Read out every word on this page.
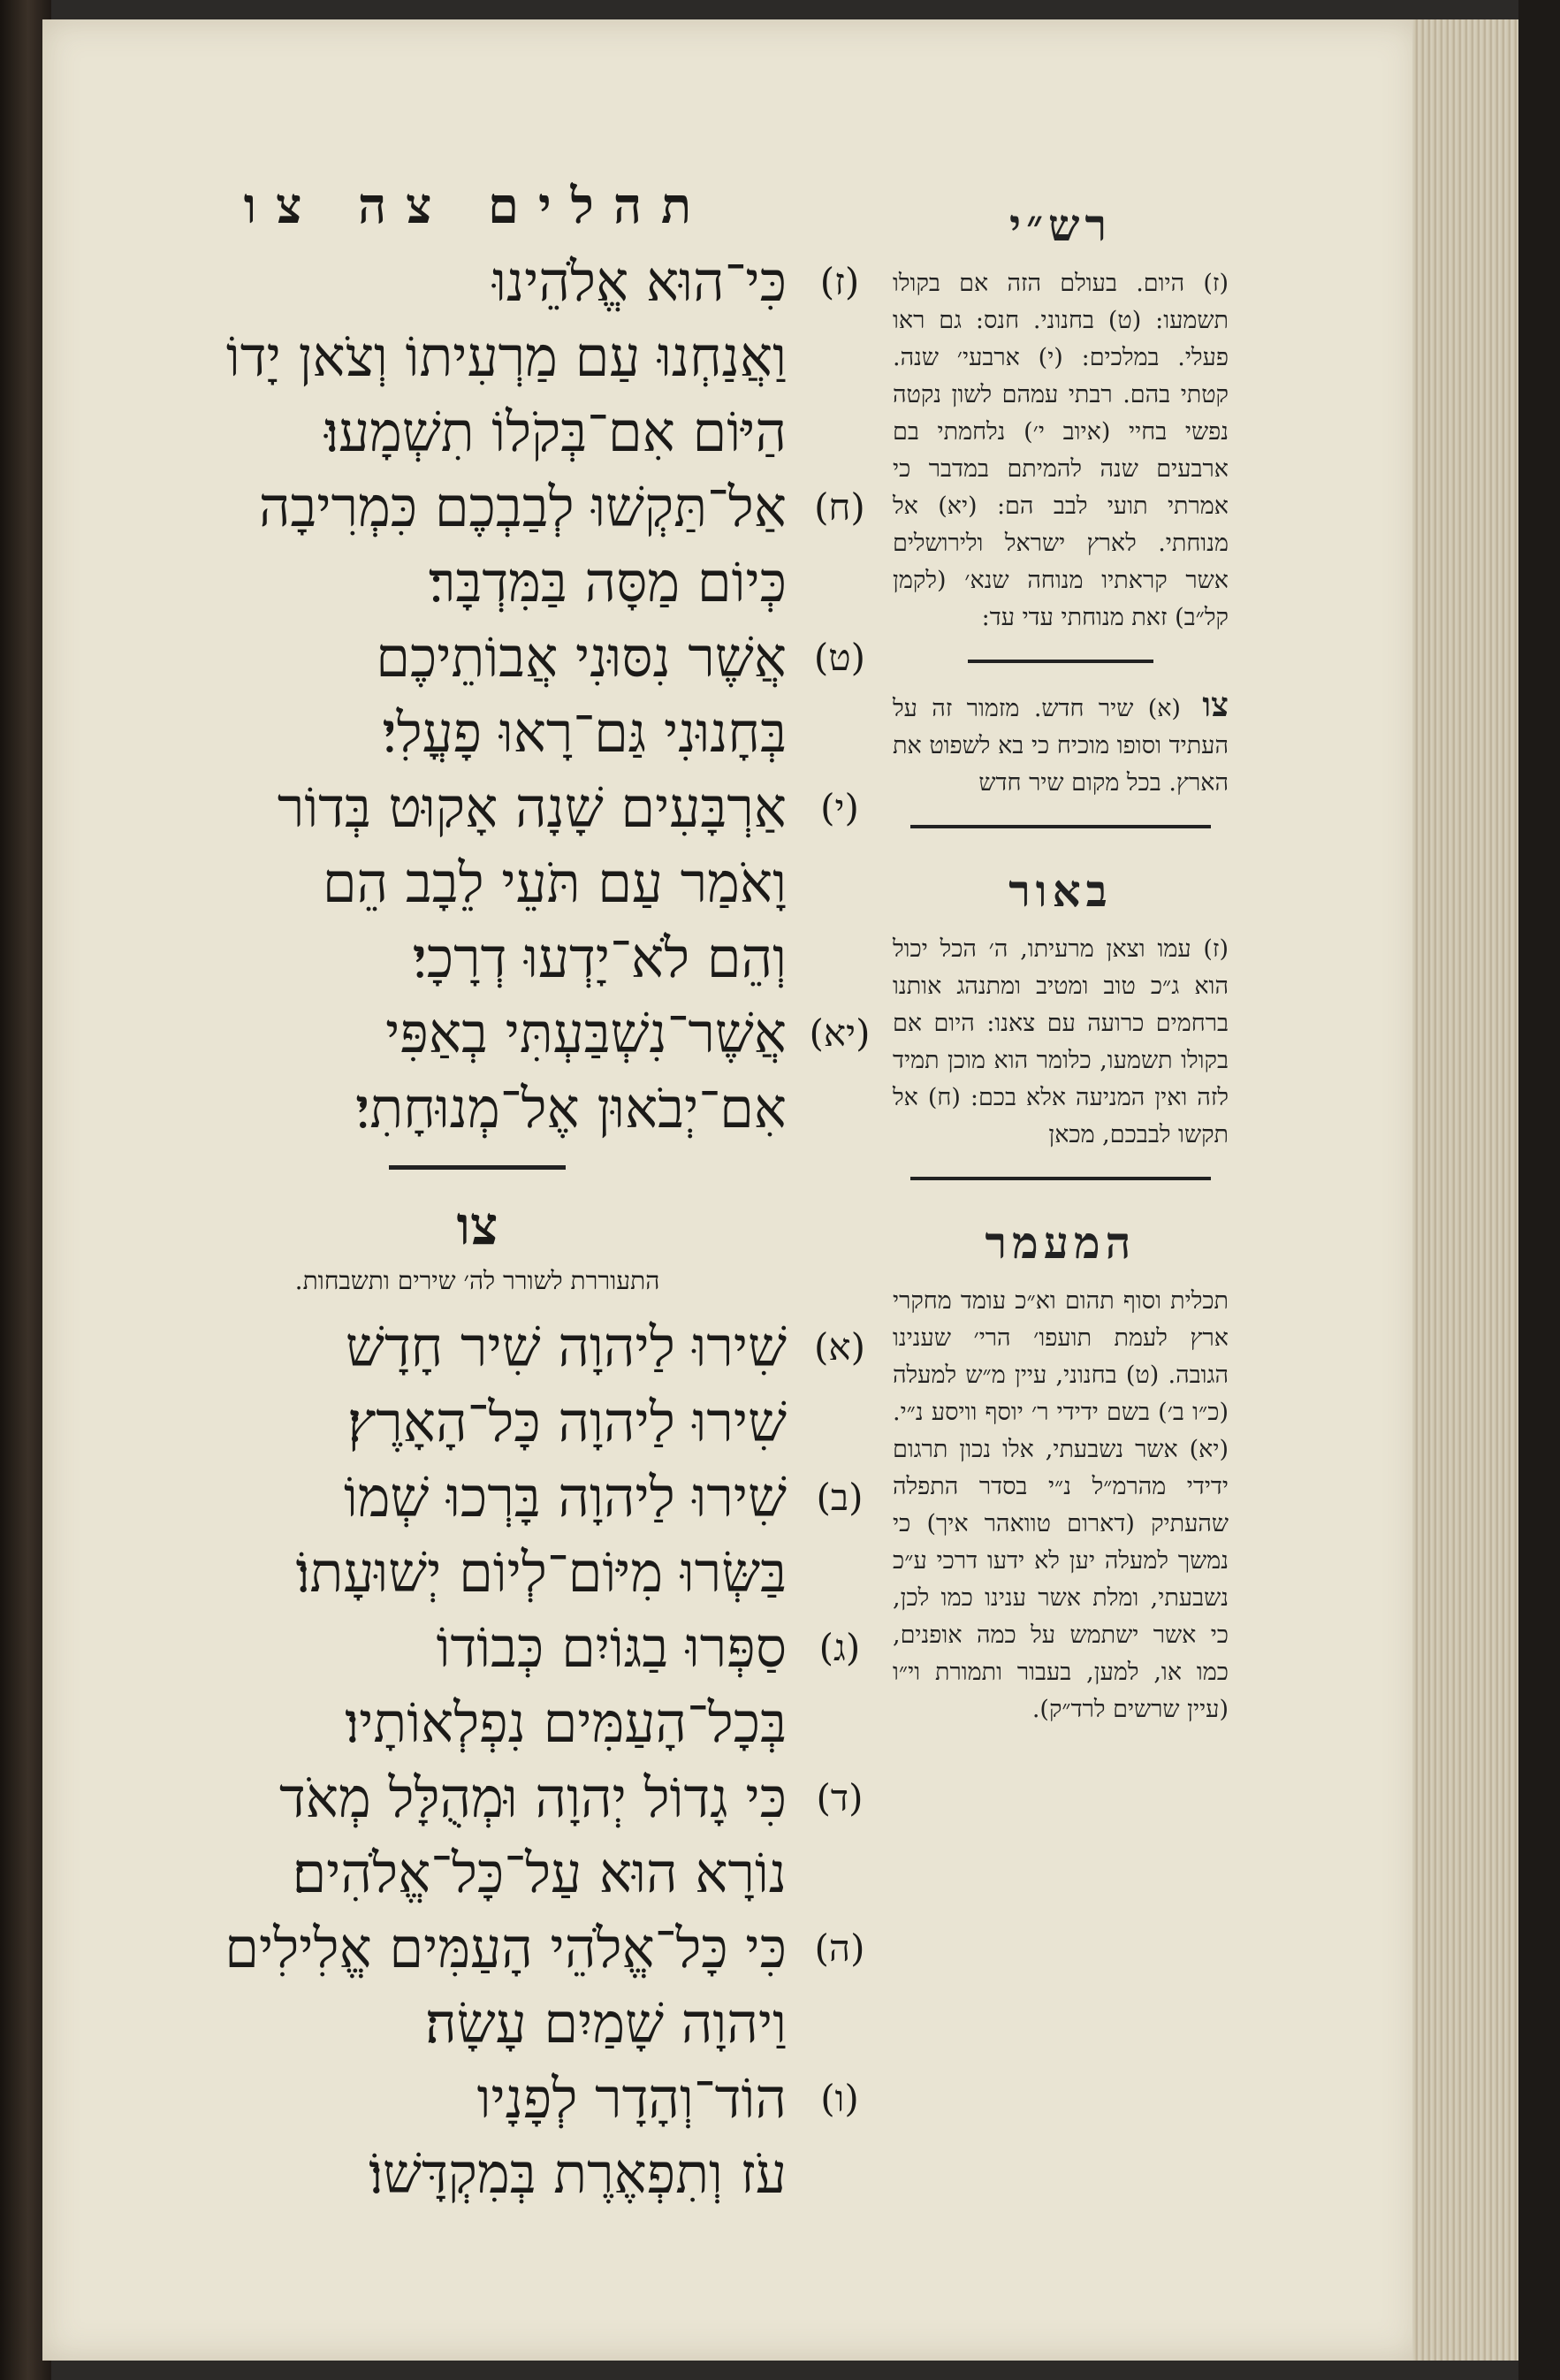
תהלים צה צו
(ז)
כִּי־הוּא אֱלֹהֵינוּ
וַאֲנַחְנוּ עַם מַרְעִיתוֹ וְצֹאן יָדוֹ
הַיּוֹם אִם־בְּקֹלוֹ תִשְׁמָעוּ׃
(ח)
אַל־תַּקְשׁוּ לְבַבְכֶם כִּמְרִיבָה
כְּיוֹם מַסָּה בַּמִּדְבָּר׃
(ט)
אֲשֶׁר נִסּוּנִי אֲבוֹתֵיכֶם
בְּחָנוּנִי גַּם־רָאוּ פָעֳלִי׃
(י)
אַרְבָּעִים שָׁנָה אָקוּט בְּדוֹר
וָאֹמַר עַם תֹּעֵי לֵבָב הֵם
וְהֵם לֹא־יָדְעוּ דְרָכָי׃
(יא)
אֲשֶׁר־נִשְׁבַּעְתִּי בְאַפִּי
אִם־יְבֹאוּן אֶל־מְנוּחָתִי׃
צו
התעוררת לשורר לה׳ שירים ותשבחות.
(א)
שִׁירוּ לַיהוָה שִׁיר חָדָשׁ
שִׁירוּ לַיהוָה כָּל־הָאָרֶץ׃
(ב)
שִׁירוּ לַיהוָה בָּרְכוּ שְׁמוֹ
בַּשְּׂרוּ מִיּוֹם־לְיוֹם יְשׁוּעָתוֹ׃
(ג)
סַפְּרוּ בַגּוֹיִם כְּבוֹדוֹ
בְּכָל־הָעַמִּים נִפְלְאוֹתָיו׃
(ד)
כִּי גָדוֹל יְהוָה וּמְהֻלָּל מְאֹד
נוֹרָא הוּא עַל־כָּל־אֱלֹהִים׃
(ה)
כִּי כָּל־אֱלֹהֵי הָעַמִּים אֱלִילִים
וַיהוָה שָׁמַיִם עָשָׂה׃
(ו)
הוֹד־וְהָדָר לְפָנָיו
עֹז וְתִפְאֶרֶת בְּמִקְדָּשׁוֹ׃
רש״י
(ז) היום. בעולם הזה אם בקולו תשמעו: (ט) בחנוני. חנס: גם ראו פעלי. במלכים: (י) ארבעי׳ שנה. קטתי בהם. רבתי עמהם לשון נקטה נפשי בחיי (איוב י׳) נלחמתי בם ארבעים שנה להמיתם במדבר כי אמרתי תועי לבב הם: (יא) אל מנוחתי. לארץ ישראל ולירושלים אשר קראתיו מנוחה שנא׳ (לקמן קל״ב) זאת מנוחתי עדי עד:
צו (א) שיר חדש. מזמור זה על העתיד וסופו מוכיח כי בא לשפוט את הארץ. בכל מקום שיר חדש
באור
(ז) עמו וצאן מרעיתו, ה׳ הכל יכול הוא ג״כ טוב ומטיב ומתנהג אותנו ברחמים כרועה עם צאנו: היום אם בקולו תשמעו, כלומר הוא מוכן תמיד לזה ואין המניעה אלא בכם: (ח) אל תקשו לבבכם, מכאן
המעמר
תכלית וסוף תהום וא״כ עומד מחקרי ארץ לעמת תועפו׳ הרי׳ שענינו הגובה. (ט) בחנוני, עיין מ״ש למעלה (כ״ו ב׳) בשם ידידי ר׳ יוסף וויסע נ״י. (יא) אשר נשבעתי, אלו נכון תרגום ידידי מהרמ״ל נ״י בסדר התפלה שהעתיק (דארום טוואהר איך) כי נמשך למעלה יען לא ידעו דרכי ע״כ נשבעתי, ומלת אשר ענינו כמו לכן, כי אשר ישתמש על כמה אופנים, כמו או, למען, בעבור ותמורת וי״ו (עיין שרשים לרד״ק).
